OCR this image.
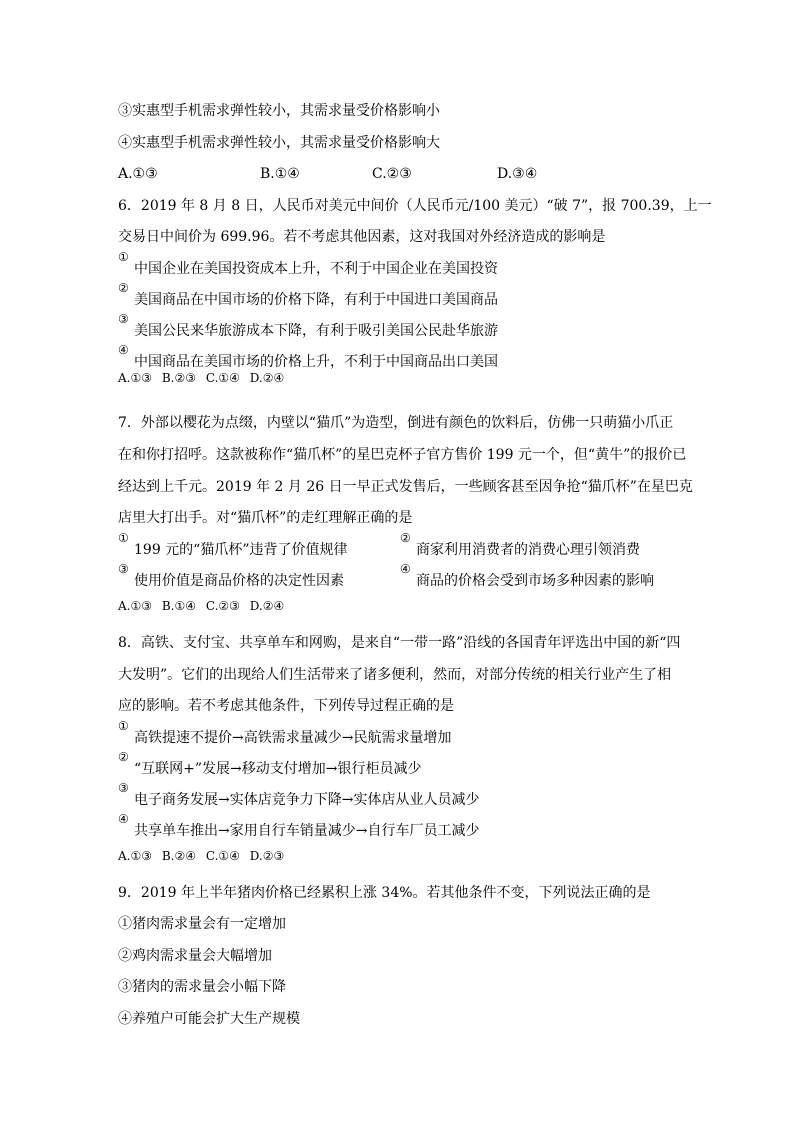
③实惠型手机需求弹性较小，其需求量受价格影响小
④实惠型手机需求弹性较小，其需求量受价格影响大
A.①③	B.①④	C.②③	D.③④
6．2019 年 8 月 8 日，人民币对美元中间价（人民币元/100 美元）“破 7”，报 700.39，上一
交易日中间价为 699.96。若不考虑其他因素，这对我国对外经济造成的影响是
①
中国企业在美国投资成本上升，不利于中国企业在美国投资
②
美国商品在中国市场的价格下降，有利于中国进口美国商品
③
美国公民来华旅游成本下降，有利于吸引美国公民赴华旅游
④
中国商品在美国市场的价格上升，不利于中国商品出口美国
A.①③ B.②③ C.①④ D.②④
7．外部以樱花为点缀，内壁以“猫爪”为造型，倒进有颜色的饮料后，仿佛一只萌猫小爪正
在和你打招呼。这款被称作“猫爪杯”的星巴克杯子官方售价 199 元一个，但“黄牛”的报价已
经达到上千元。2019 年 2 月 26 日一早正式发售后，一些顾客甚至因争抢“猫爪杯”在星巴克
店里大打出手。对“猫爪杯”的走红理解正确的是
①
199 元的“猫爪杯”违背了价值规律
②
商家利用消费者的消费心理引领消费
③
使用价值是商品价格的决定性因素
④
商品的价格会受到市场多种因素的影响
A.①③ B.①④ C.②③ D.②④
8．高铁、支付宝、共享单车和网购，是来自“一带一路”沿线的各国青年评选出中国的新“四
大发明”。它们的出现给人们生活带来了诸多便利，然而，对部分传统的相关行业产生了相
应的影响。若不考虑其他条件，下列传导过程正确的是
①
高铁提速不提价→高铁需求量减少→民航需求量增加
②
“互联网+”发展→移动支付增加→银行柜员减少
③
电子商务发展→实体店竞争力下降→实体店从业人员减少
④
共享单车推出→家用自行车销量减少→自行车厂员工减少
A.①③ B.②④ C.①④ D.②③
9．2019 年上半年猪肉价格已经累积上涨 34%。若其他条件不变，下列说法正确的是
①猪肉需求量会有一定增加
②鸡肉需求量会大幅增加
③猪肉的需求量会小幅下降
④养殖户可能会扩大生产规模
